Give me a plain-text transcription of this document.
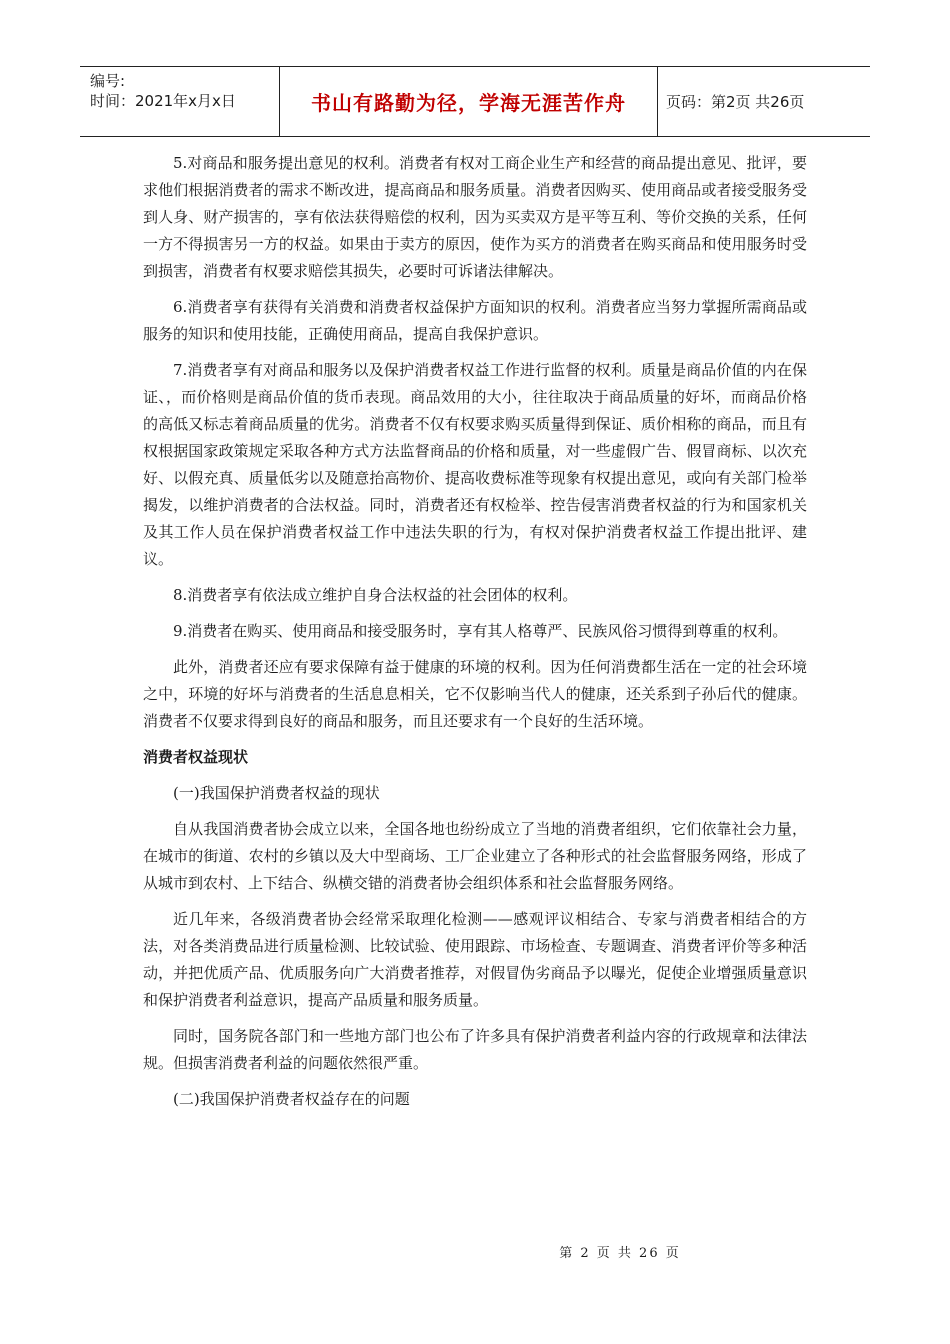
编号:
时间：2021年x月x日	书山有路勤为径，学海无涯苦作舟	页码：第2页 共26页

5.对商品和服务提出意见的权利。消费者有权对工商企业生产和经营的商品提出意见、批评，要求他们根据消费者的需求不断改进，提高商品和服务质量。消费者因购买、使用商品或者接受服务受到人身、财产损害的，享有依法获得赔偿的权利，因为买卖双方是平等互利、等价交换的关系，任何一方不得损害另一方的权益。如果由于卖方的原因，使作为买方的消费者在购买商品和使用服务时受到损害，消费者有权要求赔偿其损失，必要时可诉诸法律解决。

6.消费者享有获得有关消费和消费者权益保护方面知识的权利。消费者应当努力掌握所需商品或服务的知识和使用技能，正确使用商品，提高自我保护意识。

7.消费者享有对商品和服务以及保护消费者权益工作进行监督的权利。质量是商品价值的内在保证、，而价格则是商品价值的货币表现。商品效用的大小，往往取决于商品质量的好坏，而商品价格的高低又标志着商品质量的优劣。消费者不仅有权要求购买质量得到保证、质价相称的商品，而且有权根据国家政策规定采取各种方式方法监督商品的价格和质量，对一些虚假广告、假冒商标、以次充好、以假充真、质量低劣以及随意抬高物价、提高收费标准等现象有权提出意见，或向有关部门检举揭发，以维护消费者的合法权益。同时，消费者还有权检举、控告侵害消费者权益的行为和国家机关及其工作人员在保护消费者权益工作中违法失职的行为，有权对保护消费者权益工作提出批评、建议。

8.消费者享有依法成立维护自身合法权益的社会团体的权利。

9.消费者在购买、使用商品和接受服务时，享有其人格尊严、民族风俗习惯得到尊重的权利。

此外，消费者还应有要求保障有益于健康的环境的权利。因为任何消费都生活在一定的社会环境之中，环境的好坏与消费者的生活息息相关，它不仅影响当代人的健康，还关系到子孙后代的健康。消费者不仅要求得到良好的商品和服务，而且还要求有一个良好的生活环境。

消费者权益现状

(一)我国保护消费者权益的现状

自从我国消费者协会成立以来，全国各地也纷纷成立了当地的消费者组织，它们依靠社会力量，在城市的街道、农村的乡镇以及大中型商场、工厂企业建立了各种形式的社会监督服务网络，形成了从城市到农村、上下结合、纵横交错的消费者协会组织体系和社会监督服务网络。

近几年来，各级消费者协会经常采取理化检测——感观评议相结合、专家与消费者相结合的方法，对各类消费品进行质量检测、比较试验、使用跟踪、市场检查、专题调查、消费者评价等多种活动，并把优质产品、优质服务向广大消费者推荐，对假冒伪劣商品予以曝光，促使企业增强质量意识和保护消费者利益意识，提高产品质量和服务质量。

同时，国务院各部门和一些地方部门也公布了许多具有保护消费者利益内容的行政规章和法律法规。但损害消费者利益的问题依然很严重。

(二)我国保护消费者权益存在的问题

第 2 页 共 26 页
